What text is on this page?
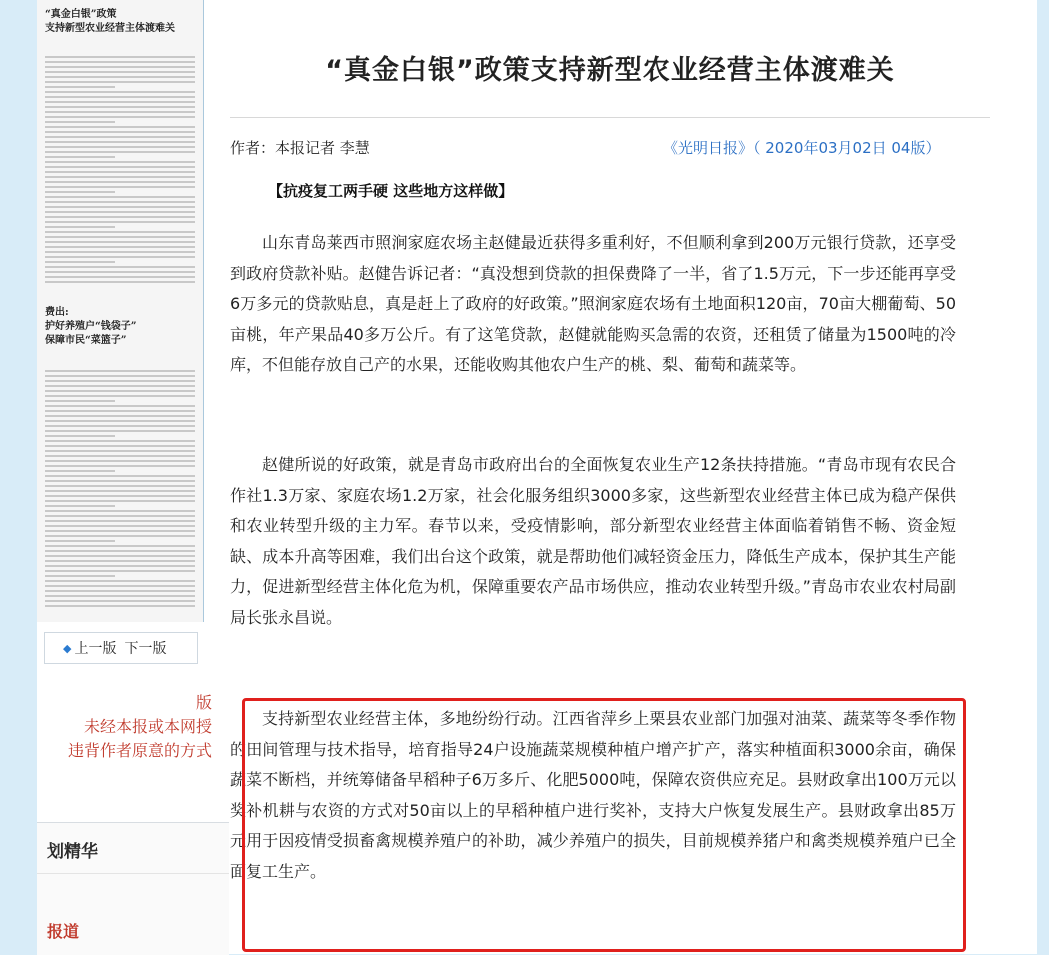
“真金白银”政策
支持新型农业经营主体渡难关
费出:
护好养殖户“钱袋子”
保障市民“菜篮子”
◆ 上一版 下一版
版
未经本报或本网授
违背作者原意的方式
划精华
报道
“真金白银”政策支持新型农业经营主体渡难关
作者：本报记者 李慧	《光明日报》（ 2020年03月02日 04版）
【抗疫复工两手硬 这些地方这样做】

山东青岛莱西市照涧家庭农场主赵健最近获得多重利好，不但顺利拿到200万元银行贷款，还享受到政府贷款补贴。赵健告诉记者：“真没想到贷款的担保费降了一半，省了1.5万元，下一步还能再享受6万多元的贷款贴息，真是赶上了政府的好政策。”照涧家庭农场有土地面积120亩，70亩大棚葡萄、50亩桃，年产果品40多万公斤。有了这笔贷款，赵健就能购买急需的农资，还租赁了储量为1500吨的冷库，不但能存放自己产的水果，还能收购其他农户生产的桃、梨、葡萄和蔬菜等。

赵健所说的好政策，就是青岛市政府出台的全面恢复农业生产12条扶持措施。“青岛市现有农民合作社1.3万家、家庭农场1.2万家，社会化服务组织3000多家，这些新型农业经营主体已成为稳产保供和农业转型升级的主力军。春节以来，受疫情影响，部分新型农业经营主体面临着销售不畅、资金短缺、成本升高等困难，我们出台这个政策，就是帮助他们减轻资金压力，降低生产成本，保护其生产能力，促进新型经营主体化危为机，保障重要农产品市场供应，推动农业转型升级。”青岛市农业农村局副局长张永昌说。

支持新型农业经营主体，多地纷纷行动。江西省萍乡上栗县农业部门加强对油菜、蔬菜等冬季作物的田间管理与技术指导，培育指导24户设施蔬菜规模种植户增产扩产，落实种植面积3000余亩，确保蔬菜不断档，并统筹储备早稻种子6万多斤、化肥5000吨，保障农资供应充足。县财政拿出100万元以奖补机耕与农资的方式对50亩以上的早稻种植户进行奖补，支持大户恢复发展生产。县财政拿出85万元用于因疫情受损畜禽规模养殖户的补助，减少养殖户的损失，目前规模养猪户和禽类规模养殖户已全面复工生产。
